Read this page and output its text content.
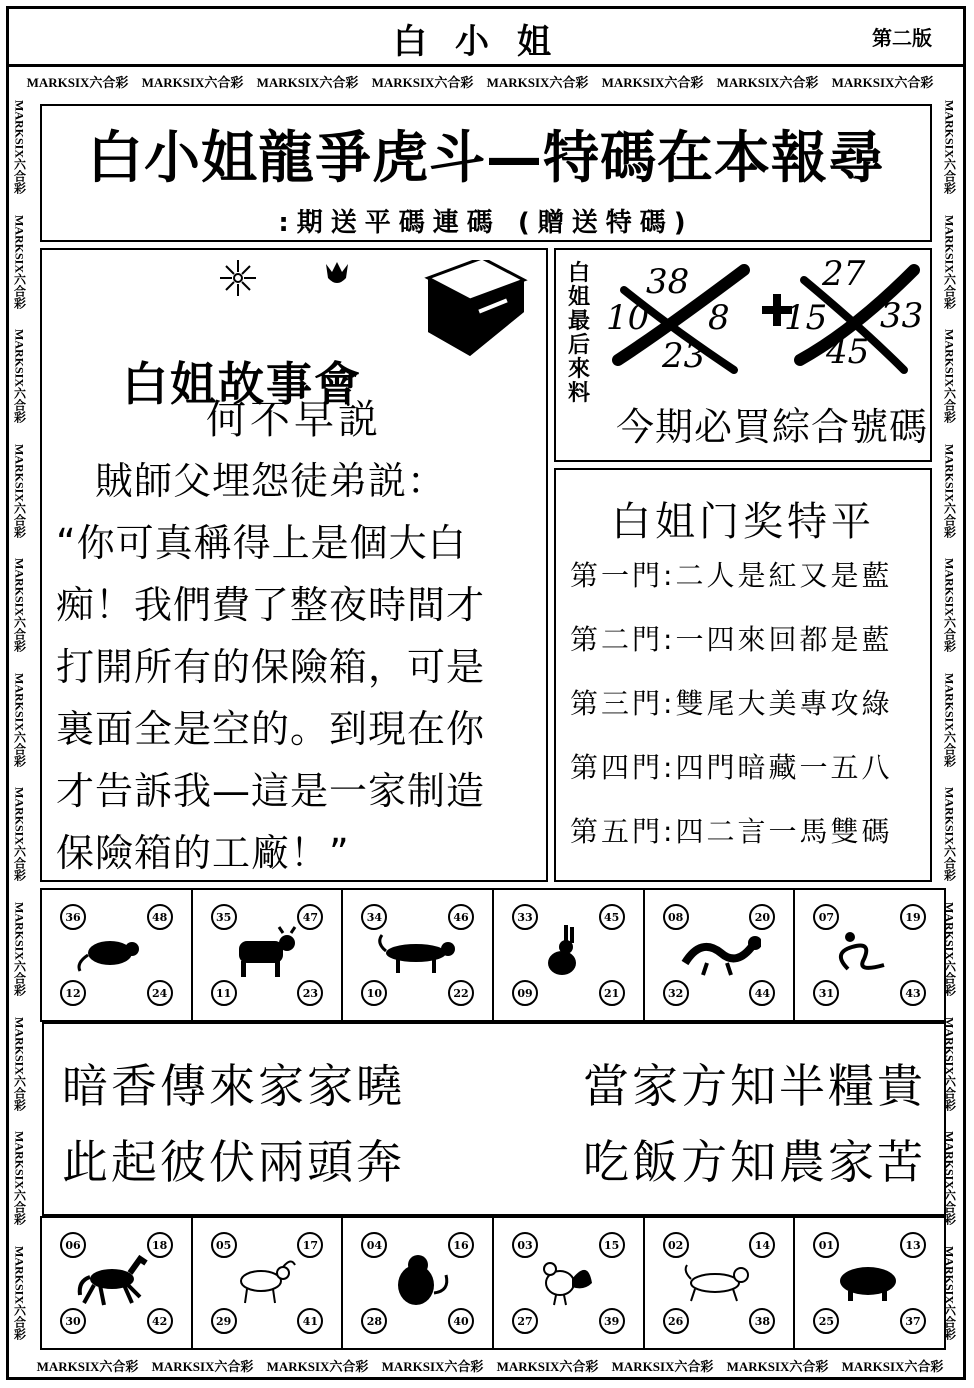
白小姐	第二版
MARKSIX六合彩 MARKSIX六合彩 MARKSIX六合彩 MARKSIX六合彩 MARKSIX六合彩 MARKSIX六合彩 MARKSIX六合彩 MARKSIX六合彩
MARKSIX六合彩 MARKSIX六合彩 MARKSIX六合彩 MARKSIX六合彩 MARKSIX六合彩 MARKSIX六合彩 MARKSIX六合彩 MARKSIX六合彩
MARKSIX六合彩
MARKSIX六合彩
MARKSIX六合彩
MARKSIX六合彩
MARKSIX六合彩
MARKSIX六合彩
MARKSIX六合彩
MARKSIX六合彩
MARKSIX六合彩
MARKSIX六合彩
MARKSIX六合彩
MARKSIX六合彩
MARKSIX六合彩
MARKSIX六合彩
MARKSIX六合彩
MARKSIX六合彩
MARKSIX六合彩
MARKSIX六合彩
MARKSIX六合彩
MARKSIX六合彩
MARKSIX六合彩
MARKSIX六合彩
白小姐龍爭虎斗—特碼在本報尋
:期送平碼連碼 (贈送特碼)
白姐故事會
何不早説
　賊師父埋怨徒弟説：
“你可真稱得上是個大白
痴！我們費了整夜時間才
打開所有的保險箱，可是
裏面全是空的。到現在你
才告訴我—這是一家制造
保險箱的工廠！”
白姐最后來料
38
10 8
23
27
15 33
45
今期必買綜合號碼
白姐门奖特平
第一門:二人是紅又是藍
第二門:一四來回都是藍
第三門:雙尾大美專攻綠
第四門:四門暗藏一五八
第五門:四二言一馬雙碼
36	48
12	24
35	47
11	23
34	46
10	22
33	45
09	21
08	20
32	44
07	19
31	43
暗香傳來家家曉	當家方知半糧貴
此起彼伏兩頭奔	吃飯方知農家苦
06	18
30	42
05	17
29	41
04	16
28	40
03	15
27	39
02	14
26	38
01	13
25	37
